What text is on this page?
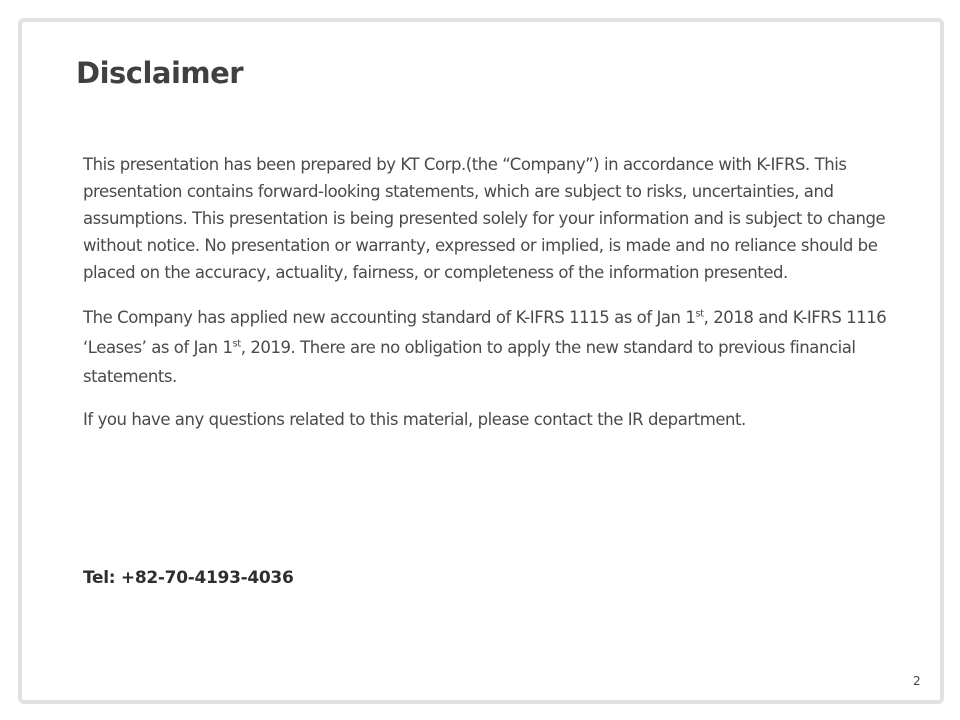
Disclaimer

This presentation has been prepared by KT Corp.(the “Company”) in accordance with K-IFRS. This presentation contains forward-looking statements, which are subject to risks, uncertainties, and assumptions. This presentation is being presented solely for your information and is subject to change without notice. No presentation or warranty, expressed or implied, is made and no reliance should be placed on the accuracy, actuality, fairness, or completeness of the information presented.

The Company has applied new accounting standard of K-IFRS 1115 as of Jan 1st, 2018 and K-IFRS 1116 ‘Leases’ as of Jan 1st, 2019. There are no obligation to apply the new standard to previous financial statements.

If you have any questions related to this material, please contact the IR department.

Tel: +82-70-4193-4036
2
